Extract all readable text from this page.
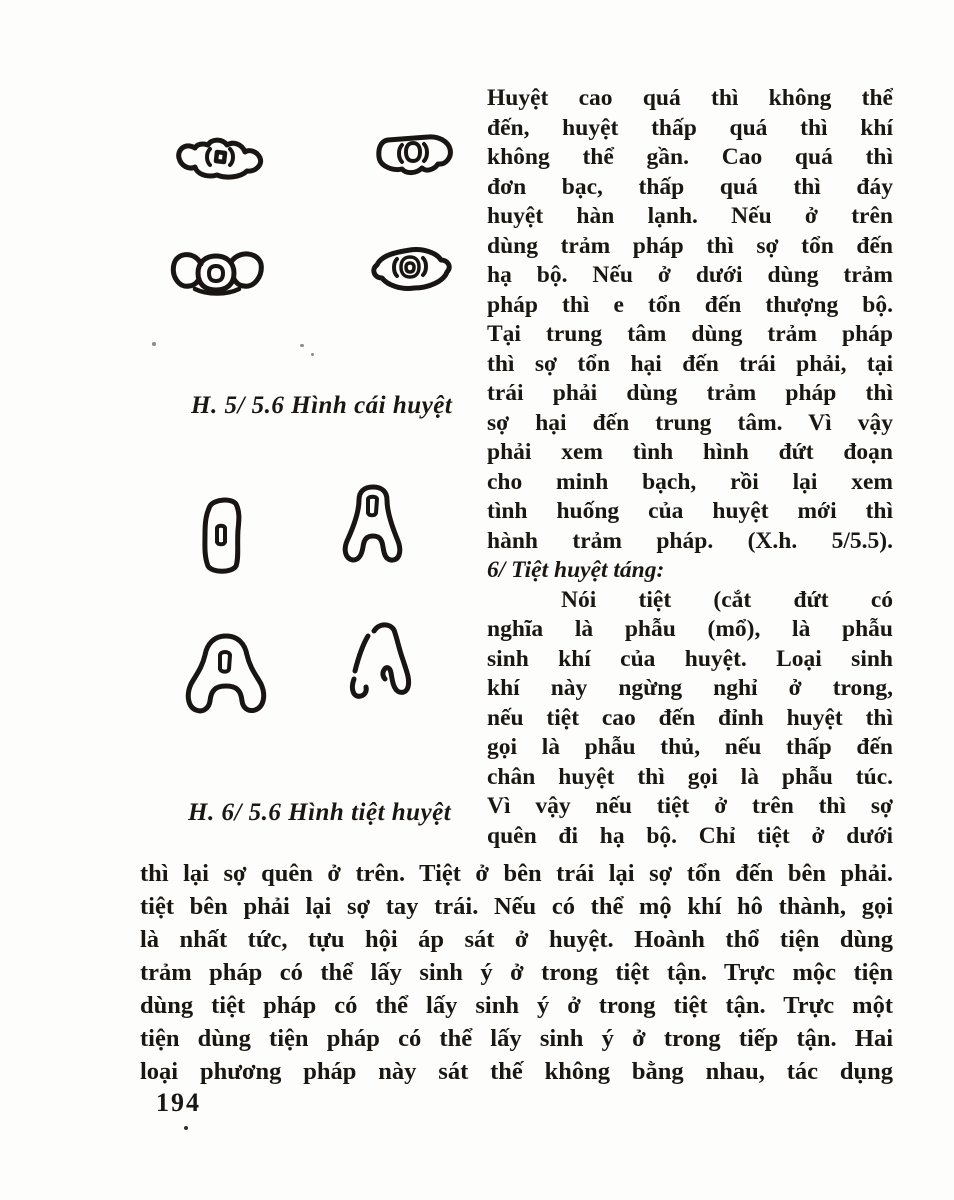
H. 5/ 5.6 Hình cái huyệt
H. 6/ 5.6 Hình tiệt huyệt
Huyệt cao quá thì không thể
đến, huyệt thấp quá thì khí
không thể gần. Cao quá thì
đơn bạc, thấp quá thì đáy
huyệt hàn lạnh. Nếu ở trên
dùng trảm pháp thì sợ tổn đến
hạ bộ. Nếu ở dưới dùng trảm
pháp thì e tổn đến thượng bộ.
Tại trung tâm dùng trảm pháp
thì sợ tổn hại đến trái phải, tại
trái phải dùng trảm pháp thì
sợ hại đến trung tâm. Vì vậy
phải xem tình hình đứt đoạn
cho minh bạch, rồi lại xem
tình huống của huyệt mới thì
hành trảm pháp. (X.h. 5/5.5).
6/ Tiệt huyệt táng:
Nói tiệt (cắt đứt có
nghĩa là phẫu (mổ), là phẫu
sinh khí của huyệt. Loại sinh
khí này ngừng nghỉ ở trong,
nếu tiệt cao đến đỉnh huyệt thì
gọi là phẫu thủ, nếu thấp đến
chân huyệt thì gọi là phẫu túc.
Vì vậy nếu tiệt ở trên thì sợ
quên đi hạ bộ. Chỉ tiệt ở dưới
thì lại sợ quên ở trên. Tiệt ở bên trái lại sợ tổn đến bên phải.
tiệt bên phải lại sợ tay trái. Nếu có thể mộ khí hô thành, gọi
là nhất tức, tựu hội áp sát ở huyệt. Hoành thổ tiện dùng
trảm pháp có thể lấy sinh ý ở trong tiệt tận. Trực mộc tiện
dùng tiệt pháp có thể lấy sinh ý ở trong tiệt tận. Trực một
tiện dùng tiện pháp có thể lấy sinh ý ở trong tiếp tận. Hai
loại phương pháp này sát thế không bằng nhau, tác dụng
194
